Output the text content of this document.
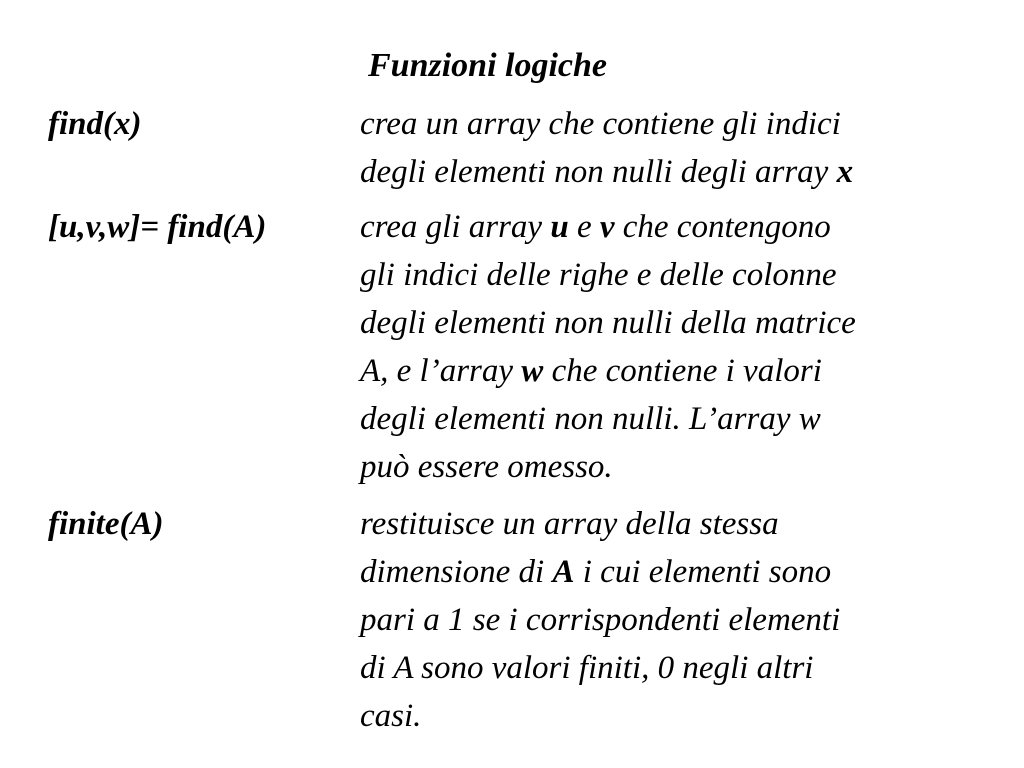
Funzioni logiche
find(x)	crea un array che contiene gli indici
degli elementi non nulli degli array x
[u,v,w]= find(A)	crea gli array u e v che contengono
gli indici delle righe e delle colonne
degli elementi non nulli della matrice
A, e l’array w che contiene i valori
degli elementi non nulli. L’array w
può essere omesso.
finite(A)	restituisce un array della stessa
dimensione di A i cui elementi sono
pari a 1 se i corrispondenti elementi
di A sono valori finiti, 0 negli altri
casi.
